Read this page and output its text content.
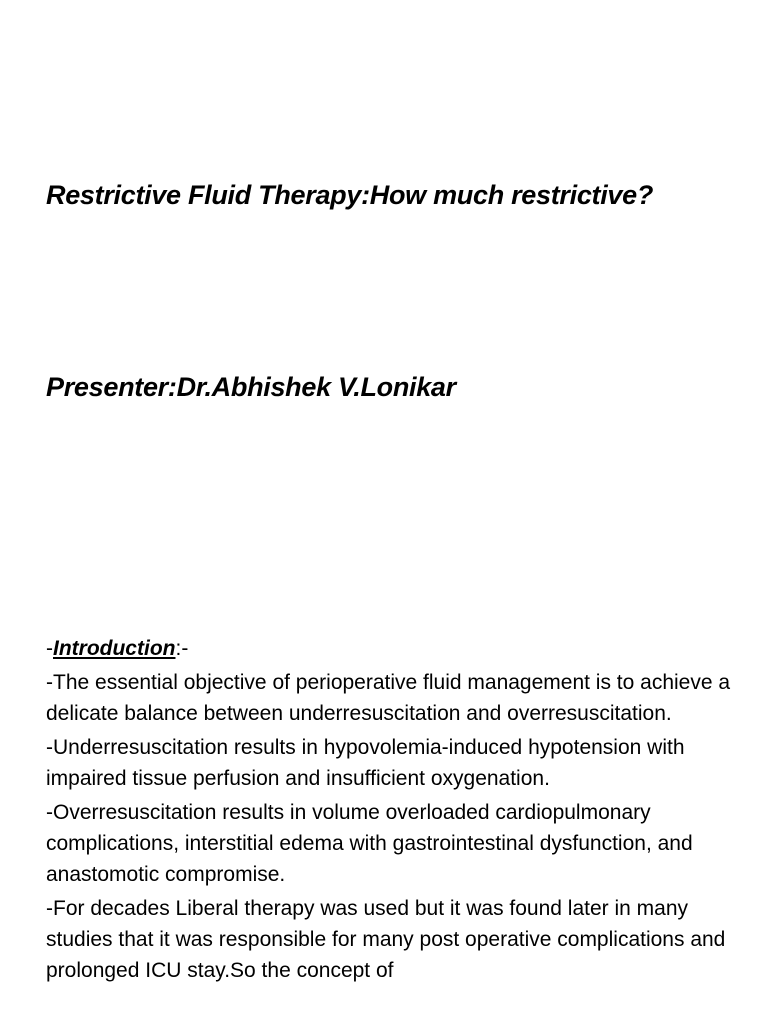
Restrictive Fluid Therapy:How much restrictive?
Presenter:Dr.Abhishek V.Lonikar

-Introduction:-

-The essential objective of perioperative fluid management is to achieve a delicate balance between underresuscitation and overresuscitation.

-Underresuscitation results in hypovolemia-induced hypotension with impaired tissue perfusion and insufficient oxygenation.

-Overresuscitation results in volume overloaded cardiopulmonary complications, interstitial edema with gastrointestinal dysfunction, and anastomotic compromise.

-For decades Liberal therapy was used but it was found later in many studies that it was responsible for many post operative complications and prolonged ICU stay.So the concept of
